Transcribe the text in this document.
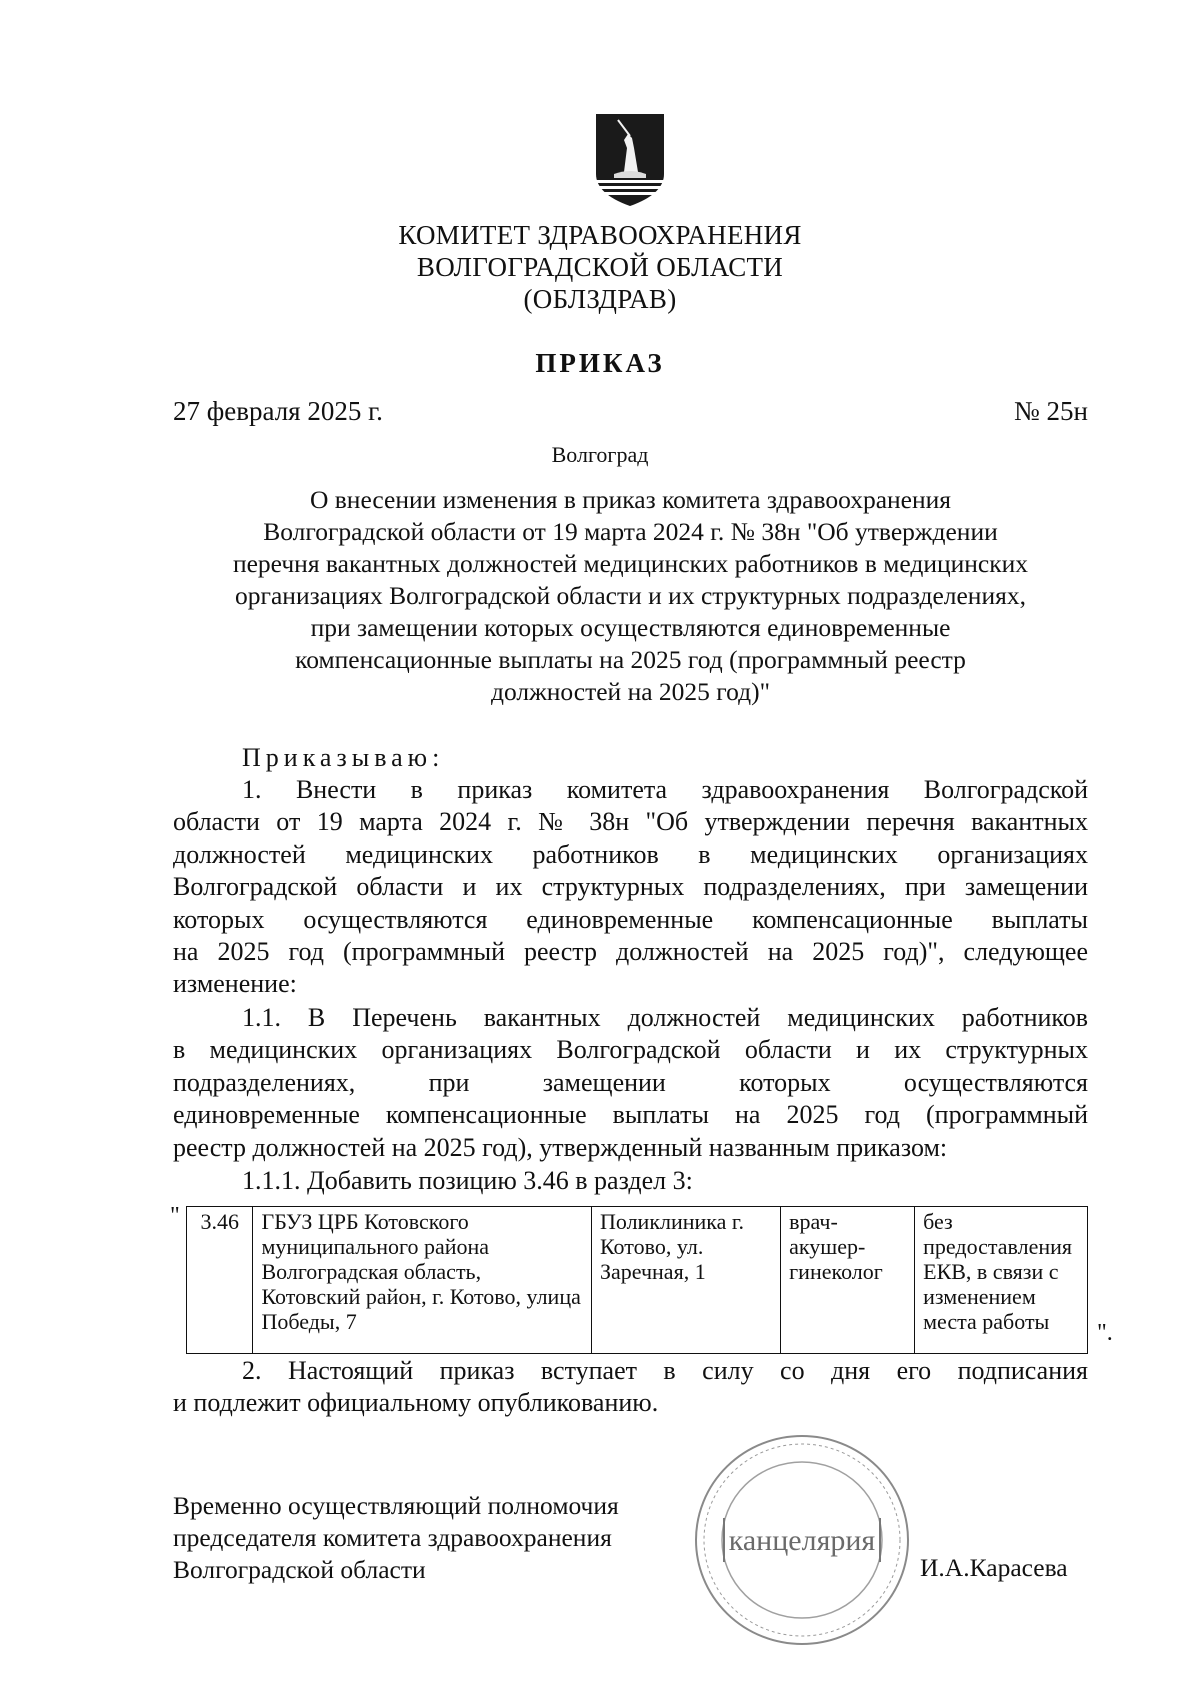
КОМИТЕТ ЗДРАВООХРАНЕНИЯ
ВОЛГОГРАДСКОЙ ОБЛАСТИ
(ОБЛЗДРАВ)
ПРИКАЗ
27 февраля 2025 г.	№ 25н
Волгоград
О внесении изменения в приказ комитета здравоохранения
Волгоградской области от 19 марта 2024 г. № 38н "Об утверждении
перечня вакантных должностей медицинских работников в медицинских
организациях Волгоградской области и их структурных подразделениях,
при замещении которых осуществляются единовременные
компенсационные выплаты на 2025 год (программный реестр
должностей на 2025 год)"
Приказываю:
1. Внести в приказ комитета здравоохранения Волгоградской
области от 19 марта 2024 г. № 38н "Об утверждении перечня вакантных
должностей медицинских работников в медицинских организациях
Волгоградской области и их структурных подразделениях, при замещении
которых осуществляются единовременные компенсационные выплаты
на 2025 год (программный реестр должностей на 2025 год)", следующее
изменение:
1.1. В Перечень вакантных должностей медицинских работников
в медицинских организациях Волгоградской области и их структурных
подразделениях, при замещении которых осуществляются
единовременные компенсационные выплаты на 2025 год (программный
реестр должностей на 2025 год), утвержденный названным приказом:
1.1.1. Добавить позицию 3.46 в раздел 3:
" 3.46	ГБУЗ ЦРБ Котовского муниципального района Волгоградская область, Котовский район, г. Котово, улица Победы, 7	Поликлиника г. Котово, ул. Заречная, 1	врач-акушер-гинеколог	без предоставления ЕКВ, в связи с изменением места работы ".
2. Настоящий приказ вступает в силу со дня его подписания
и подлежит официальному опубликованию.
Временно осуществляющий полномочия
председателя комитета здравоохранения
Волгоградской области
канцелярия
И.А.Карасева
